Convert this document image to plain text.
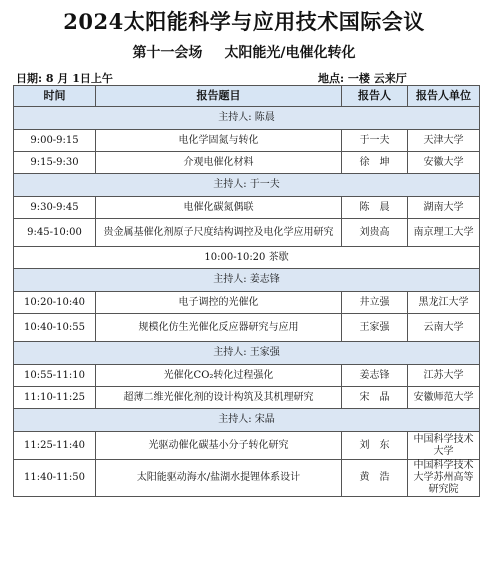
2024太阳能科学与应用技术国际会议
第十一会场 太阳能光/电催化转化
日期: 8 月 1日上午	地点: 一楼 云来厅
时间	报告题目	报告人	报告人单位
主持人: 陈晨			
9:00-9:15	电化学固氮与转化	于一夫	天津大学
9:15-9:30	介观电催化材料	徐　坤	安徽大学
主持人: 于一夫			
9:30-9:45	电催化碳氮偶联	陈　晨	湖南大学
9:45-10:00	贵金属基催化剂原子尺度结构调控及电化学应用研究	刘贵高	南京理工大学
10:00-10:20 茶歇			
主持人: 姜志锋			
10:20-10:40	电子调控的光催化	井立强	黑龙江大学
10:40-10:55	规模化仿生光催化反应器研究与应用	王家强	云南大学
主持人: 王家强			
10:55-11:10	光催化CO₂转化过程强化	姜志锋	江苏大学
11:10-11:25	超薄二维光催化剂的设计构筑及其机理研究	宋　晶	安徽师范大学
主持人: 宋晶			
11:25-11:40	光驱动催化碳基小分子转化研究	刘　东	中国科学技术大学
11:40-11:50	太阳能驱动海水/盐湖水提锂体系设计	黄　浩	中国科学技术大学苏州高等研究院
